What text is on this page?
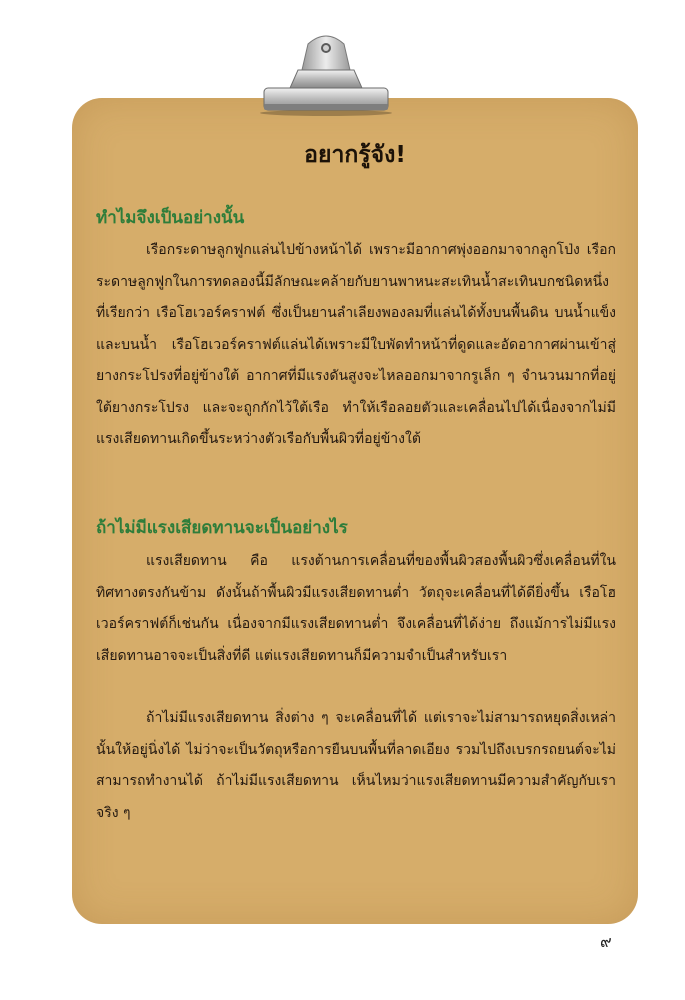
อยากรู้จัง!
ทำไมจึงเป็นอย่างนั้น

เรือกระดาษลูกฟูกแล่นไปข้างหน้าได้ เพราะมีอากาศพุ่งออกมาจากลูกโป่ง เรือกระดาษลูกฟูกในการทดลองนี้มีลักษณะคล้ายกับยานพาหนะสะเทินน้ำสะเทินบกชนิดหนึ่งที่เรียกว่า เรือโฮเวอร์คราฟต์ ซึ่งเป็นยานลำเลียงพองลมที่แล่นได้ทั้งบนพื้นดิน บนน้ำแข็ง และบนน้ำ เรือโฮเวอร์คราฟต์แล่นได้เพราะมีใบพัดทำหน้าที่ดูดและอัดอากาศผ่านเข้าสู่ยางกระโปรงที่อยู่ข้างใต้ อากาศที่มีแรงดันสูงจะไหลออกมาจากรูเล็ก ๆ จำนวนมากที่อยู่ใต้ยางกระโปรง และจะถูกกักไว้ใต้เรือ ทำให้เรือลอยตัวและเคลื่อนไปได้เนื่องจากไม่มีแรงเสียดทานเกิดขึ้นระหว่างตัวเรือกับพื้นผิวที่อยู่ข้างใต้

ถ้าไม่มีแรงเสียดทานจะเป็นอย่างไร

แรงเสียดทาน คือ แรงต้านการเคลื่อนที่ของพื้นผิวสองพื้นผิวซึ่งเคลื่อนที่ในทิศทางตรงกันข้าม ดังนั้นถ้าพื้นผิวมีแรงเสียดทานต่ำ วัตถุจะเคลื่อนที่ได้ดียิ่งขึ้น เรือโฮเวอร์คราฟต์ก็เช่นกัน เนื่องจากมีแรงเสียดทานต่ำ จึงเคลื่อนที่ได้ง่าย ถึงแม้การไม่มีแรงเสียดทานอาจจะเป็นสิ่งที่ดี แต่แรงเสียดทานก็มีความจำเป็นสำหรับเรา

ถ้าไม่มีแรงเสียดทาน สิ่งต่าง ๆ จะเคลื่อนที่ได้ แต่เราจะไม่สามารถหยุดสิ่งเหล่านั้นให้อยู่นิ่งได้ ไม่ว่าจะเป็นวัตถุหรือการยืนบนพื้นที่ลาดเอียง รวมไปถึงเบรกรถยนต์จะไม่สามารถทำงานได้ ถ้าไม่มีแรงเสียดทาน เห็นไหมว่าแรงเสียดทานมีความสำคัญกับเราจริง ๆ

๙
